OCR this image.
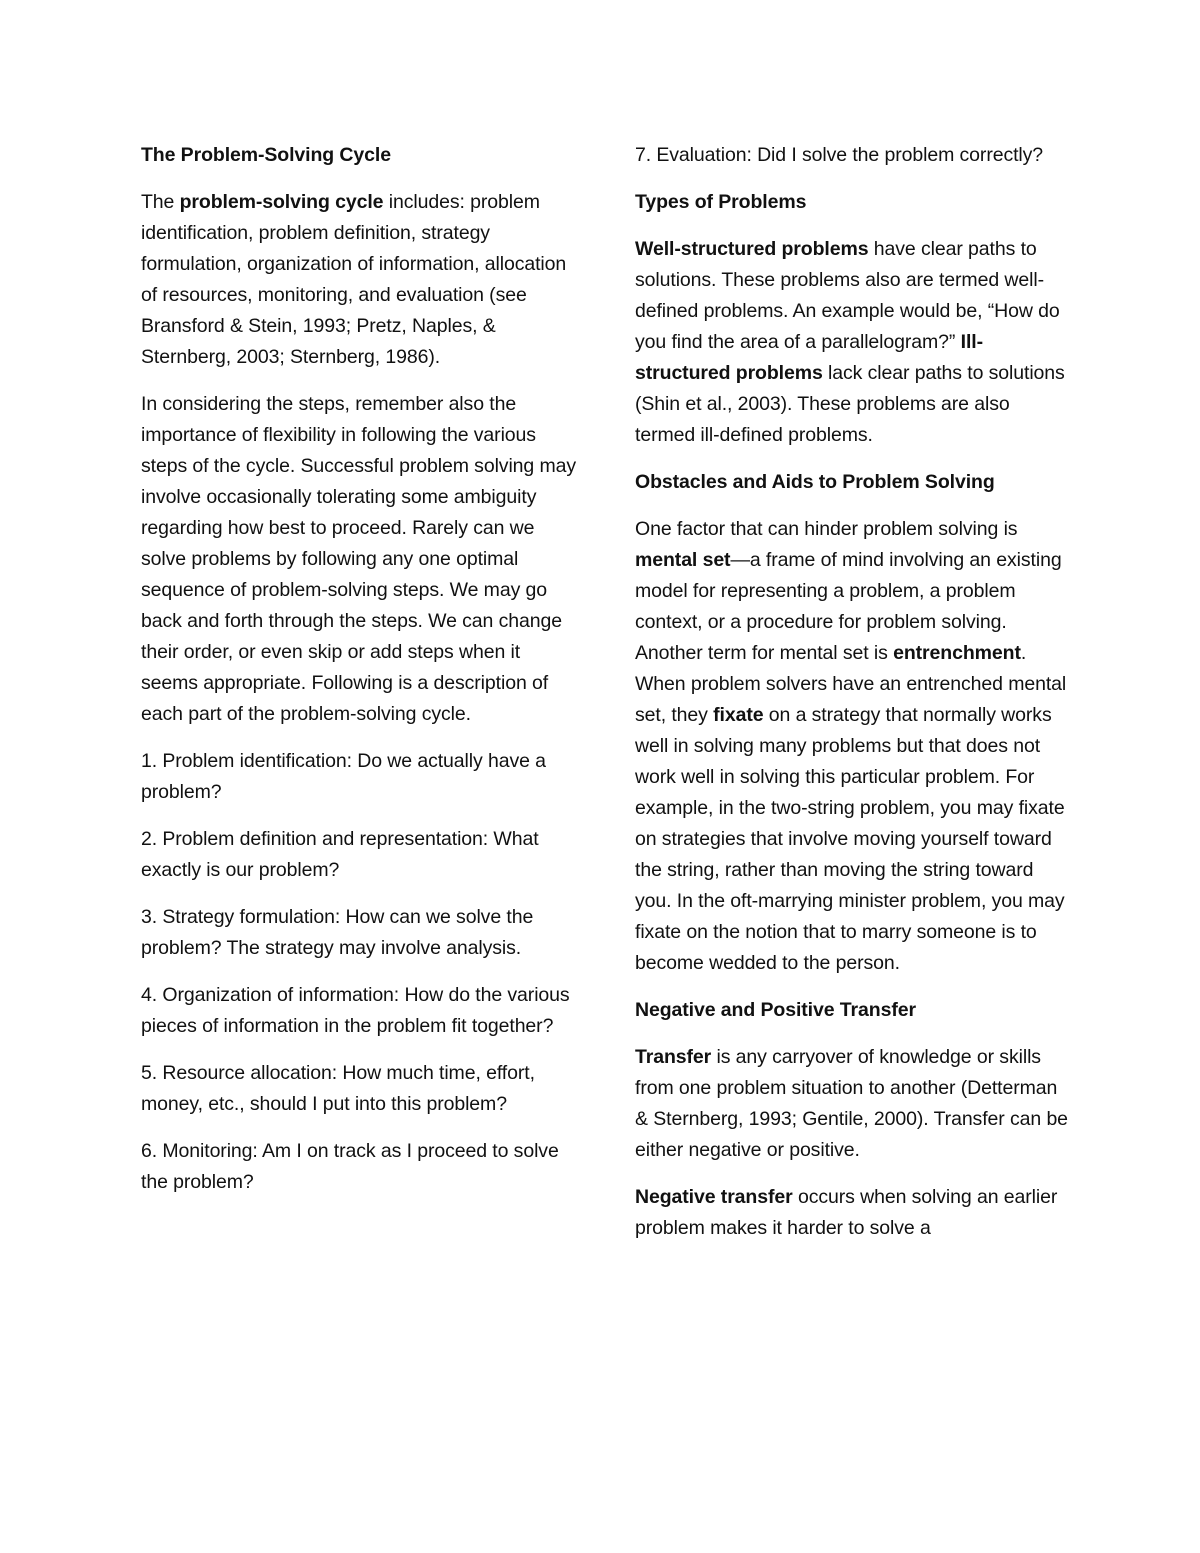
The Problem-Solving Cycle

The problem-solving cycle includes: problem identification, problem definition, strategy formulation, organization of information, allocation of resources, monitoring, and evaluation (see Bransford & Stein, 1993; Pretz, Naples, & Sternberg, 2003; Sternberg, 1986).

In considering the steps, remember also the importance of flexibility in following the various steps of the cycle. Successful problem solving may involve occasionally tolerating some ambiguity regarding how best to proceed. Rarely can we solve problems by following any one optimal sequence of problem-solving steps. We may go back and forth through the steps. We can change their order, or even skip or add steps when it seems appropriate. Following is a description of each part of the problem-solving cycle.

1. Problem identification: Do we actually have a problem?

2. Problem definition and representation: What exactly is our problem?

3. Strategy formulation: How can we solve the problem? The strategy may involve analysis.

4. Organization of information: How do the various pieces of information in the problem fit together?

5. Resource allocation: How much time, effort, money, etc., should I put into this problem?

6. Monitoring: Am I on track as I proceed to solve the problem?

7. Evaluation: Did I solve the problem correctly?

Types of Problems

Well-structured problems have clear paths to solutions. These problems also are termed well-defined problems. An example would be, “How do you find the area of a parallelogram?” Ill-structured problems lack clear paths to solutions (Shin et al., 2003). These problems are also termed ill-defined problems.

Obstacles and Aids to Problem Solving

One factor that can hinder problem solving is mental set—a frame of mind involving an existing model for representing a problem, a problem context, or a procedure for problem solving. Another term for mental set is entrenchment. When problem solvers have an entrenched mental set, they fixate on a strategy that normally works well in solving many problems but that does not work well in solving this particular problem. For example, in the two-string problem, you may fixate on strategies that involve moving yourself toward the string, rather than moving the string toward you. In the oft-marrying minister problem, you may fixate on the notion that to marry someone is to become wedded to the person.

Negative and Positive Transfer

Transfer is any carryover of knowledge or skills from one problem situation to another (Detterman & Sternberg, 1993; Gentile, 2000). Transfer can be either negative or positive.

Negative transfer occurs when solving an earlier problem makes it harder to solve a
